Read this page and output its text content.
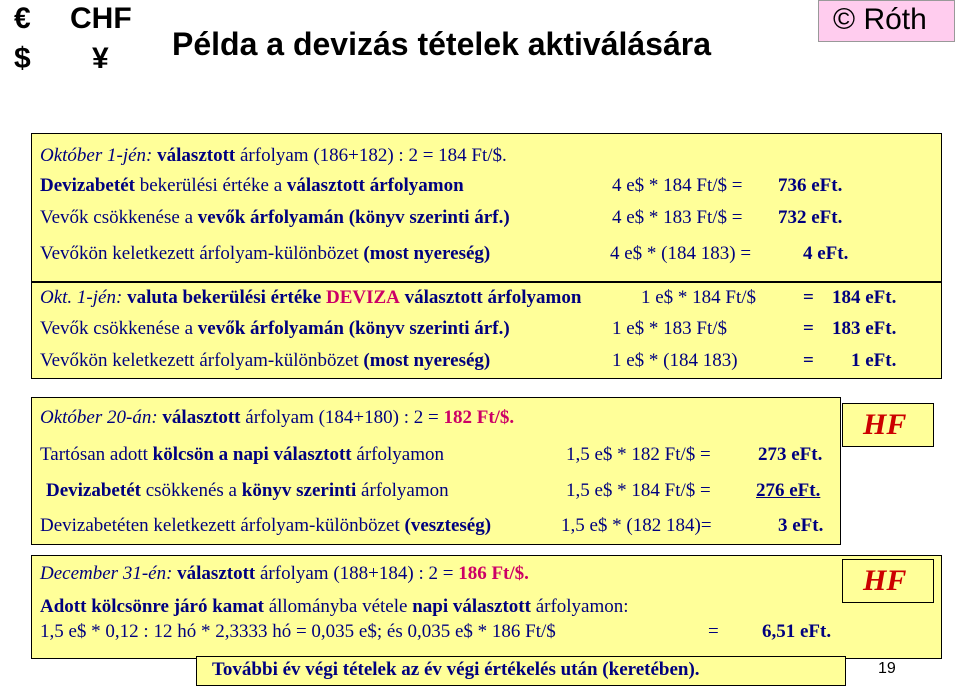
€ CHF
$ ¥ Példa a devizás tételek aktiválására
© Róth
Október 1-jén: választott árfolyam (186+182) : 2 = 184 Ft/$.
Devizabetét bekerülési értéke a választott árfolyamon	4 e$ * 184 Ft/$ = 736 eFt.
Vevők csökkenése a vevők árfolyamán (könyv szerinti árf.)	4 e$ * 183 Ft/$ = 732 eFt.
Vevőkön keletkezett árfolyam-különbözet (most nyereség)	4 e$ * (184 183) =	4 eFt.
Okt. 1-jén: valuta bekerülési értéke DEVIZA választott árfolyamon	1 e$ * 184 Ft/$ = 184 eFt.
Vevők csökkenése a vevők árfolyamán (könyv szerinti árf.)	1 e$ * 183 Ft/$	= 183 eFt.
Vevőkön keletkezett árfolyam-különbözet (most nyereség)	1 e$ * (184 183)	= 1 eFt.
Október 20-án: választott árfolyam (184+180) : 2 = 182 Ft/$.
Tartósan adott kölcsön a napi választott árfolyamon	1,5 e$ * 182 Ft/$ = 273 eFt.
Devizabetét csökkenés a könyv szerinti árfolyamon	1,5 e$ * 184 Ft/$ = 276 eFt.
Devizabetéten keletkezett árfolyam-különbözet (veszteség)	1,5 e$ * (182 184)=	3 eFt.
HF
December 31-én: választott árfolyam (188+184) : 2 = 186 Ft/$.
Adott kölcsönre járó kamat állományba vétele napi választott árfolyamon:
1,5 e$ * 0,12 : 12 hó * 2,3333 hó = 0,035 e$; és 0,035 e$ * 186 Ft/$	= 6,51 eFt.
HF
További év végi tételek az év végi értékelés után (keretében).	19
